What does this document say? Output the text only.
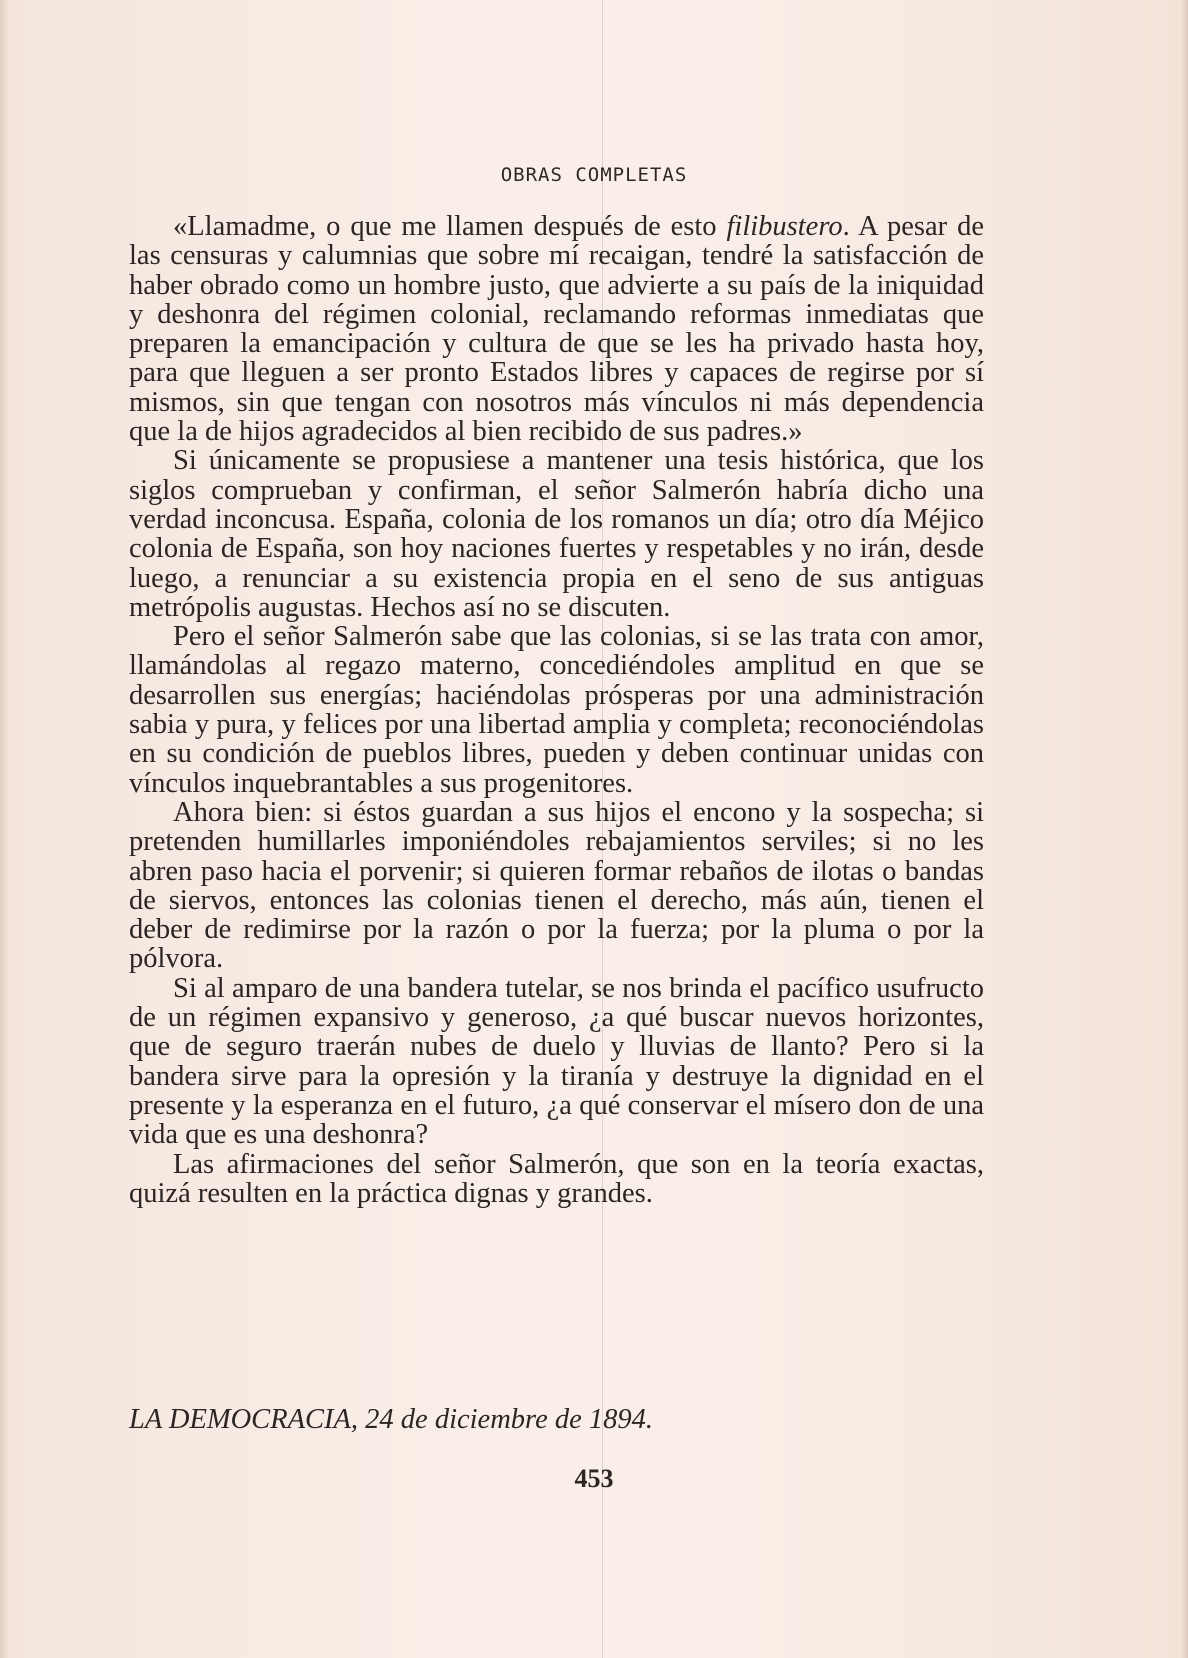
OBRAS COMPLETAS

«Llamadme, o que me llamen después de esto filibustero. A pesar de las censuras y calumnias que sobre mí recaigan, tendré la satisfacción de haber obrado como un hombre justo, que advierte a su país de la iniquidad y deshonra del régimen colonial, reclamando reformas inmediatas que preparen la emancipación y cultura de que se les ha privado hasta hoy, para que lleguen a ser pronto Estados libres y capaces de regirse por sí mismos, sin que tengan con nosotros más vínculos ni más dependencia que la de hijos agradecidos al bien recibido de sus padres.»

Si únicamente se propusiese a mantener una tesis histórica, que los siglos comprueban y confirman, el señor Salmerón habría dicho una verdad inconcusa. España, colonia de los romanos un día; otro día Méjico colonia de España, son hoy naciones fuertes y respetables y no irán, desde luego, a renunciar a su existencia propia en el seno de sus antiguas metrópolis augustas. Hechos así no se discuten.

Pero el señor Salmerón sabe que las colonias, si se las trata con amor, llamándolas al regazo materno, concediéndoles amplitud en que se desarrollen sus energías; haciéndolas prósperas por una administración sabia y pura, y felices por una libertad amplia y completa; reconociéndolas en su condición de pueblos libres, pueden y deben continuar unidas con vínculos inquebrantables a sus progenitores.

Ahora bien: si éstos guardan a sus hijos el encono y la sospecha; si pretenden humillarles imponiéndoles rebajamientos serviles; si no les abren paso hacia el porvenir; si quieren formar rebaños de ilotas o bandas de siervos, entonces las colonias tienen el derecho, más aún, tienen el deber de redimirse por la razón o por la fuerza; por la pluma o por la pólvora.

Si al amparo de una bandera tutelar, se nos brinda el pacífico usufructo de un régimen expansivo y generoso, ¿a qué buscar nuevos horizontes, que de seguro traerán nubes de duelo y lluvias de llanto? Pero si la bandera sirve para la opresión y la tiranía y destruye la dignidad en el presente y la esperanza en el futuro, ¿a qué conservar el mísero don de una vida que es una deshonra?

Las afirmaciones del señor Salmerón, que son en la teoría exactas, quizá resulten en la práctica dignas y grandes.

LA DEMOCRACIA, 24 de diciembre de 1894.
453
